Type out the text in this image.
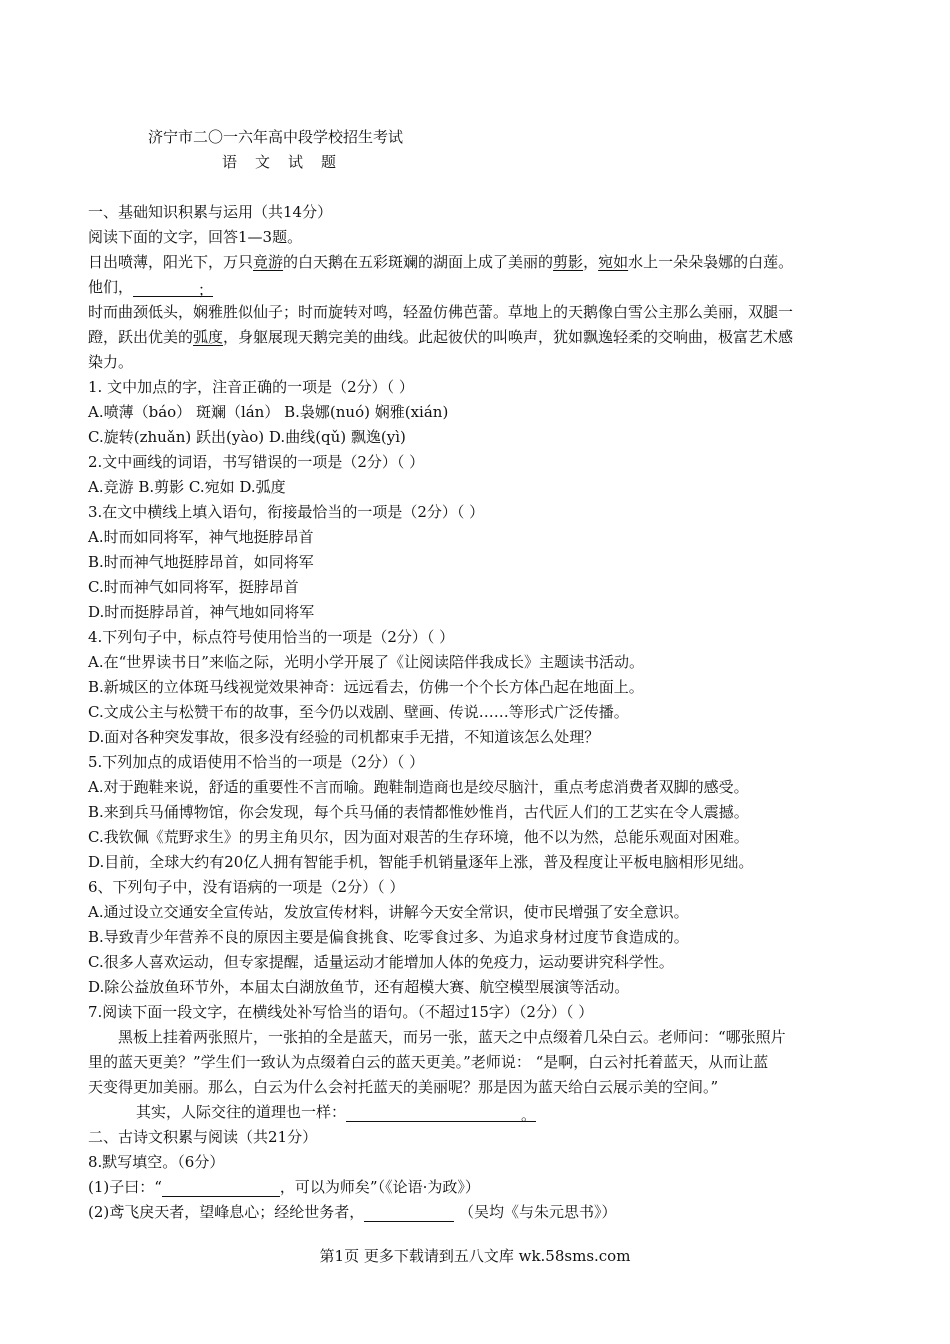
济宁市二〇一六年高中段学校招生考试
语文试题
一、基础知识积累与运用（共14分）
阅读下面的文字，回答1—3题。
日出喷薄，阳光下，万只竟游的白天鹅在五彩斑斓的湖面上成了美丽的剪影，宛如水上一朵朵袅娜的白莲。
他们，	；
时而曲颈低头，娴雅胜似仙子；时而旋转对鸣，轻盈仿佛芭蕾。草地上的天鹅像白雪公主那么美丽，双腿一
蹬，跃出优美的弧度，身躯展现天鹅完美的曲线。此起彼伏的叫唤声，犹如飘逸轻柔的交响曲，极富艺术感
染力。
1. 文中加点的字，注音正确的一项是（2分）（ ）
A.喷薄（báo） 斑斓（lán） B.袅娜(nuó) 娴雅(xián)
C.旋转(zhuǎn) 跃出(yào) D.曲线(qǔ) 飘逸(yì)
2.文中画线的词语，书写错误的一项是（2分）（ ）
A.竞游 B.剪影 C.宛如 D.弧度
3.在文中横线上填入语句，衔接最恰当的一项是（2分）（ ）
A.时而如同将军，神气地挺脖昂首
B.时而神气地挺脖昂首，如同将军
C.时而神气如同将军，挺脖昂首
D.时而挺脖昂首，神气地如同将军
4.下列句子中，标点符号使用恰当的一项是（2分）（ ）
A.在“世界读书日”来临之际，光明小学开展了《让阅读陪伴我成长》主题读书活动。
B.新城区的立体斑马线视觉效果神奇：远远看去，仿佛一个个长方体凸起在地面上。
C.文成公主与松赞干布的故事，至今仍以戏剧、壁画、传说……等形式广泛传播。
D.面对各种突发事故，很多没有经验的司机都束手无措，不知道该怎么处理？
5.下列加点的成语使用不恰当的一项是（2分）（ ）
A.对于跑鞋来说，舒适的重要性不言而喻。跑鞋制造商也是绞尽脑汁，重点考虑消费者双脚的感受。
B.来到兵马俑博物馆，你会发现，每个兵马俑的表情都惟妙惟肖，古代匠人们的工艺实在令人震撼。
C.我钦佩《荒野求生》的男主角贝尔，因为面对艰苦的生存环境，他不以为然，总能乐观面对困难。
D.目前，全球大约有20亿人拥有智能手机，智能手机销量逐年上涨，普及程度让平板电脑相形见绌。
6、下列句子中，没有语病的一项是（2分）（ ）
A.通过设立交通安全宣传站，发放宣传材料，讲解今天安全常识，使市民增强了安全意识。
B.导致青少年营养不良的原因主要是偏食挑食、吃零食过多、为追求身材过度节食造成的。
C.很多人喜欢运动，但专家提醒，适量运动才能增加人体的免疫力，运动要讲究科学性。
D.除公益放鱼环节外，本届太白湖放鱼节，还有超模大赛、航空模型展演等活动。
7.阅读下面一段文字，在横线处补写恰当的语句。（不超过15字）（2分）（ ）
黑板上挂着两张照片，一张拍的全是蓝天，而另一张，蓝天之中点缀着几朵白云。老师问：“哪张照片
里的蓝天更美？”学生们一致认为点缀着白云的蓝天更美。”老师说： “是啊，白云衬托着蓝天，从而让蓝
天变得更加美丽。那么，白云为什么会衬托蓝天的美丽呢？那是因为蓝天给白云展示美的空间。”
其实，人际交往的道理也一样：	。
二、古诗文积累与阅读（共21分）
8.默写填空。（6分）
(1)子曰：“	，可以为师矣”（《论语·为政》）
(2)鸢飞戾天者，望峰息心；经纶世务者，	（吴均《与朱元思书》）
第1页 更多下载请到五八文库 wk.58sms.com
